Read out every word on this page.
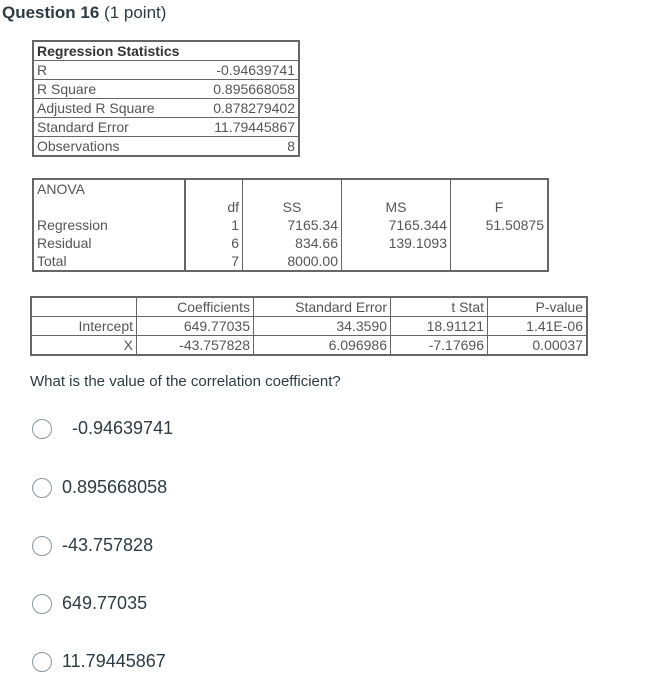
Question 16 (1 point)
Regression Statistics	
R	-0.94639741
R Square	0.895668058
Adjusted R Square	0.878279402
Standard Error	11.79445867
Observations	8
ANOVA				
	df	SS	MS	F
Regression	1	7165.34	7165.344	51.50875
Residual	6	834.66	139.1093	
Total	7	8000.00		
	Coefficients	Standard Error	t Stat	P-value
Intercept	649.77035	34.3590	18.91121	1.41E-06
X	-43.757828	6.096986	-7.17696	0.00037
What is the value of the correlation coefficient?
-0.94639741
0.895668058
-43.757828
649.77035
11.79445867
